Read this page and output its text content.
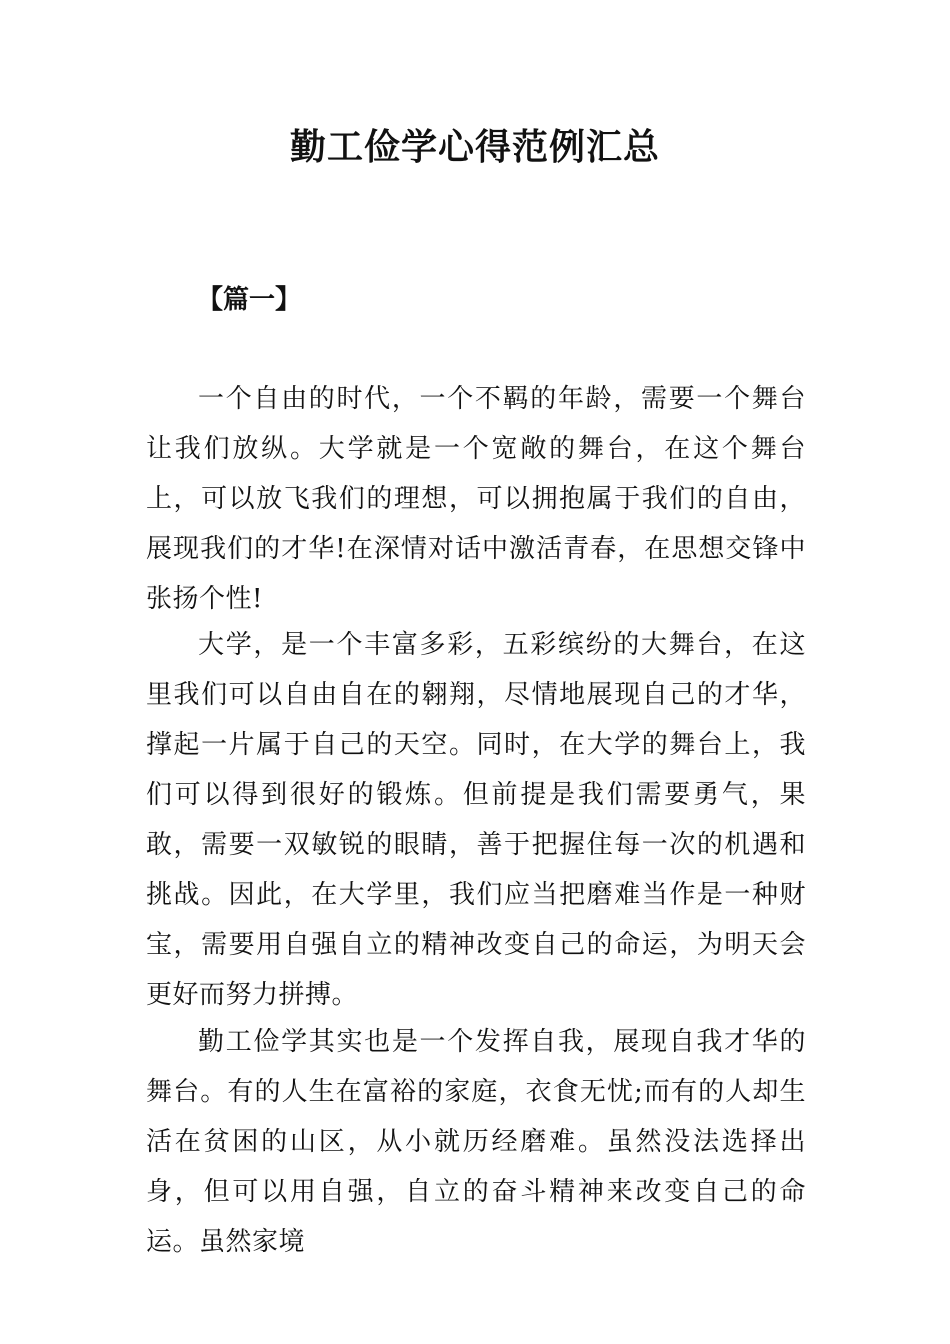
勤工俭学心得范例汇总
【篇一】

一个自由的时代，一个不羁的年龄，需要一个舞台让我们放纵。大学就是一个宽敞的舞台，在这个舞台上，可以放飞我们的理想，可以拥抱属于我们的自由，展现我们的才华!在深情对话中激活青春，在思想交锋中张扬个性!

大学，是一个丰富多彩，五彩缤纷的大舞台，在这里我们可以自由自在的翱翔，尽情地展现自己的才华，撑起一片属于自己的天空。同时，在大学的舞台上，我们可以得到很好的锻炼。但前提是我们需要勇气，果敢，需要一双敏锐的眼睛，善于把握住每一次的机遇和挑战。因此，在大学里，我们应当把磨难当作是一种财宝，需要用自强自立的精神改变自己的命运，为明天会更好而努力拼搏。

勤工俭学其实也是一个发挥自我，展现自我才华的舞台。有的人生在富裕的家庭，衣食无忧;而有的人却生活在贫困的山区，从小就历经磨难。虽然没法选择出身，但可以用自强，自立的奋斗精神来改变自己的命运。虽然家境
